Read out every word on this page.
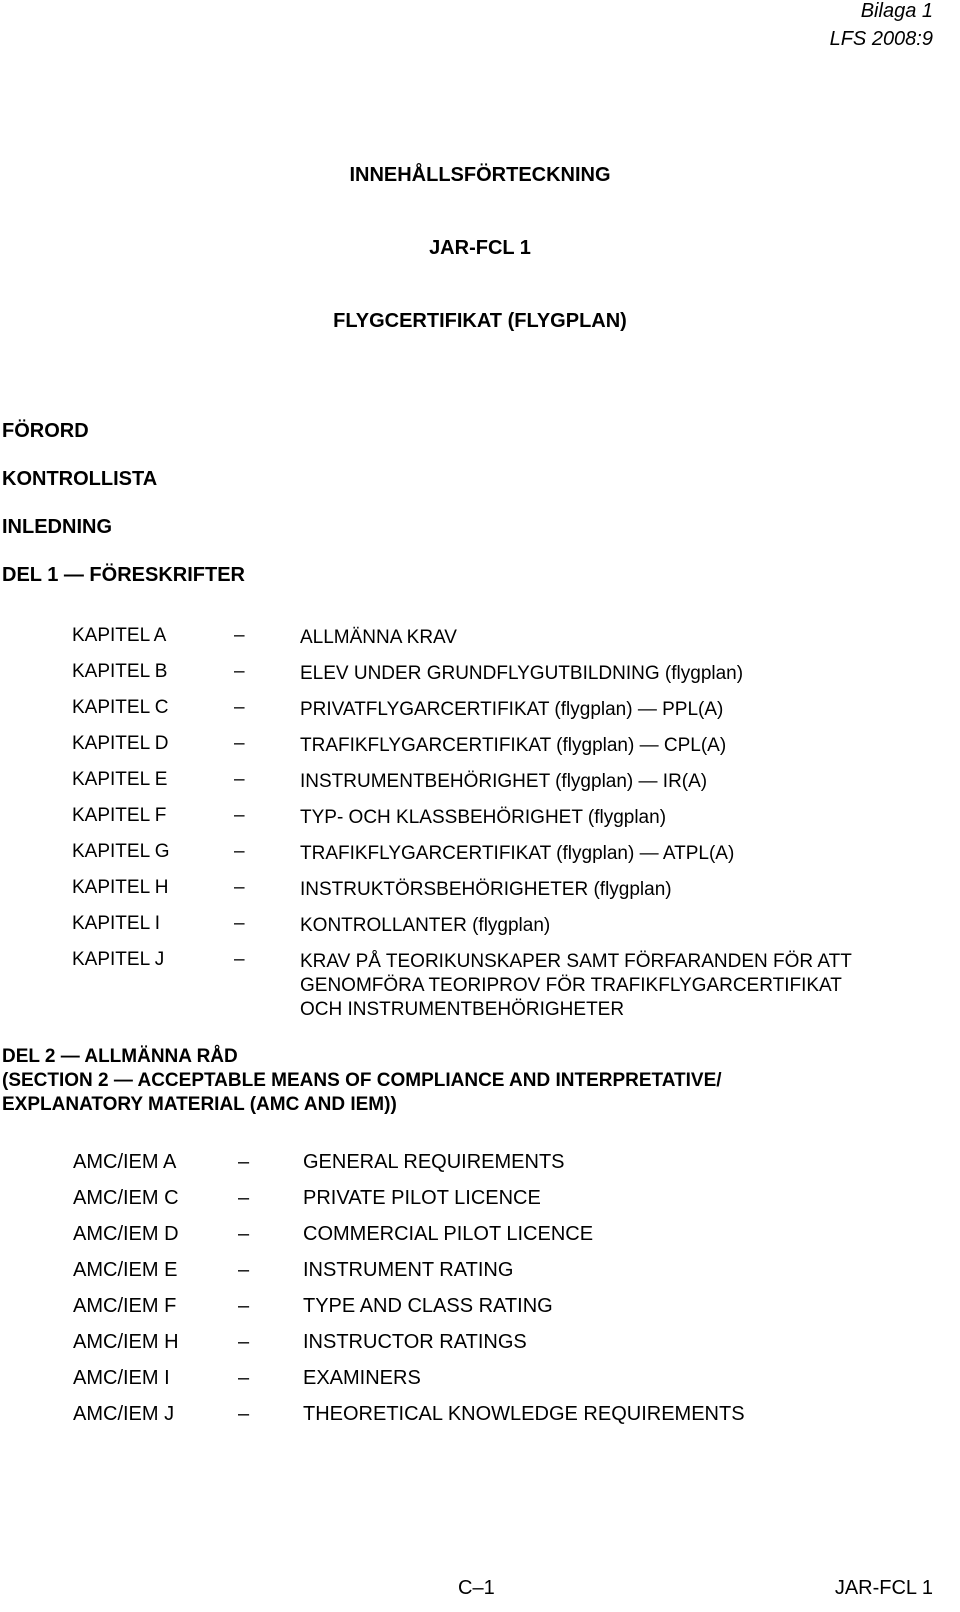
Bilaga 1
LFS 2008:9
INNEHÅLLSFÖRTECKNING
JAR-FCL 1
FLYGCERTIFIKAT (FLYGPLAN)
FÖRORD
KONTROLLISTA
INLEDNING
DEL 1 — FÖRESKRIFTER
KAPITEL A	–	ALLMÄNNA KRAV
KAPITEL B	–	ELEV UNDER GRUNDFLYGUTBILDNING (flygplan)
KAPITEL C	–	PRIVATFLYGARCERTIFIKAT (flygplan) — PPL(A)
KAPITEL D	–	TRAFIKFLYGARCERTIFIKAT (flygplan) — CPL(A)
KAPITEL E	–	INSTRUMENTBEHÖRIGHET (flygplan) — IR(A)
KAPITEL F	–	TYP- OCH KLASSBEHÖRIGHET (flygplan)
KAPITEL G	–	TRAFIKFLYGARCERTIFIKAT (flygplan) — ATPL(A)
KAPITEL H	–	INSTRUKTÖRSBEHÖRIGHETER (flygplan)
KAPITEL I	–	KONTROLLANTER (flygplan)
KAPITEL J	–	KRAV PÅ TEORIKUNSKAPER SAMT FÖRFARANDEN FÖR ATT
GENOMFÖRA TEORIPROV FÖR TRAFIKFLYGARCERTIFIKAT
OCH INSTRUMENTBEHÖRIGHETER
DEL 2 — ALLMÄNNA RÅD
(SECTION 2 — ACCEPTABLE MEANS OF COMPLIANCE AND INTERPRETATIVE/
EXPLANATORY MATERIAL (AMC AND IEM))
AMC/IEM A	–	GENERAL REQUIREMENTS
AMC/IEM C	–	PRIVATE PILOT LICENCE
AMC/IEM D	–	COMMERCIAL PILOT LICENCE
AMC/IEM E	–	INSTRUMENT RATING
AMC/IEM F	–	TYPE AND CLASS RATING
AMC/IEM H	–	INSTRUCTOR RATINGS
AMC/IEM I	–	EXAMINERS
AMC/IEM J	–	THEORETICAL KNOWLEDGE REQUIREMENTS
C–1	JAR-FCL 1
